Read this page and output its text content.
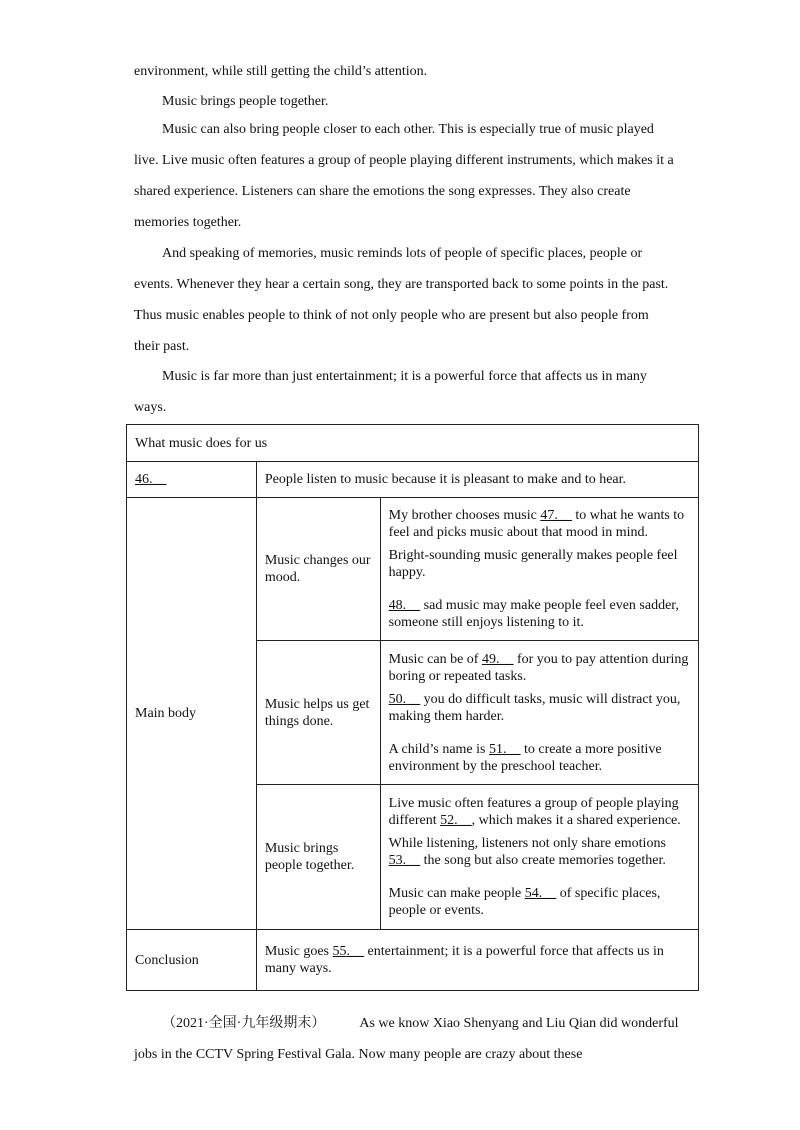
environment, while still getting the child’s attention.

Music brings people together.

Music can also bring people closer to each other. This is especially true of music played live. Live music often features a group of people playing different instruments, which makes it a shared experience. Listeners can share the emotions the song expresses. They also create memories together.

And speaking of memories, music reminds lots of people of specific places, people or events. Whenever they hear a certain song, they are transported back to some points in the past. Thus music enables people to think of not only people who are present but also people from their past.

Music is far more than just entertainment; it is a powerful force that affects us in many ways.

What music does for us		
46.__	People listen to music because it is pleasant to make and to hear.	
Main body	Music changes our mood.	My brother chooses music 47.__ to what he wants to feel and picks music about that mood in mind.

Bright-sounding music generally makes people feel happy.

48.__ sad music may make people feel even sadder, someone still enjoys listening to it.

	Music helps us get things done.	Music can be of 49.__ for you to pay attention during boring or repeated tasks.

50.__ you do difficult tasks, music will distract you, making them harder.

A child’s name is 51.__ to create a more positive environment by the preschool teacher.

	Music brings people together.	Live music often features a group of people playing different 52.__, which makes it a shared experience.

While listening, listeners not only share emotions 53.__ the song but also create memories together.

Music can make people 54.__ of specific places, people or events.

Conclusion	Music goes 55.__ entertainment; it is a powerful force that affects us in many ways.	

（2021·全国·九年级期末） As we know Xiao Shenyang and Liu Qian did wonderful jobs in the CCTV Spring Festival Gala. Now many people are crazy about these
